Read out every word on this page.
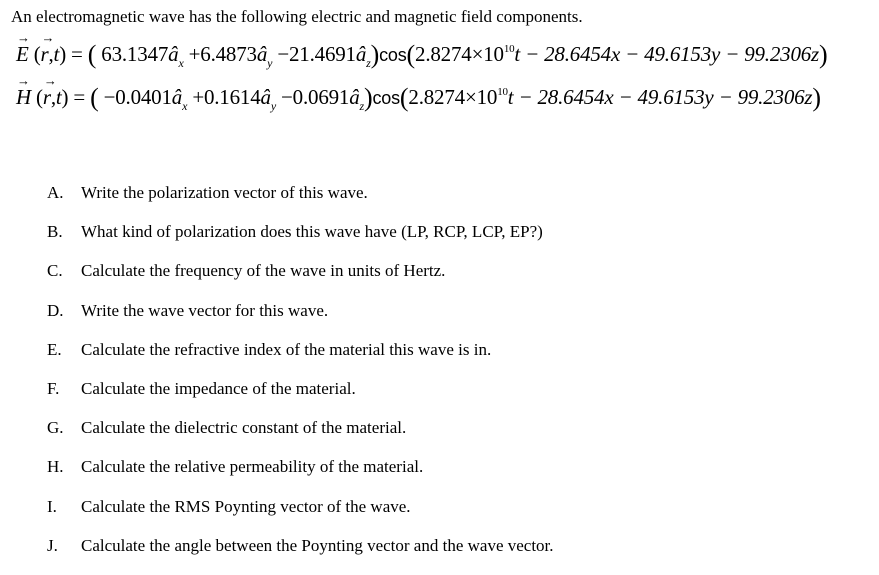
An electromagnetic wave has the following electric and magnetic field components.
→ E (→ r,t) = ( $63.1347â_x$ $+6.4873â_y$ $-21.4691â_z)\cos(2.8274\times 10^{10}t - 28.6454x - 49.6153y - 99.2306z)$
→ H (→ r,t) = ( $-0.0401â_x$ $+0.1614â_y$ $-0.0691â_z)\cos(2.8274\times 10^{10}t - 28.6454x - 49.6153y - 99.2306z)$
A.	Write the polarization vector of this wave.
B.	What kind of polarization does this wave have (LP, RCP, LCP, EP?)
C.	Calculate the frequency of the wave in units of Hertz.
D.	Write the wave vector for this wave.
E.	Calculate the refractive index of the material this wave is in.
F.	Calculate the impedance of the material.
G.	Calculate the dielectric constant of the material.
H.	Calculate the relative permeability of the material.
I.	Calculate the RMS Poynting vector of the wave.
J.	Calculate the angle between the Poynting vector and the wave vector.
